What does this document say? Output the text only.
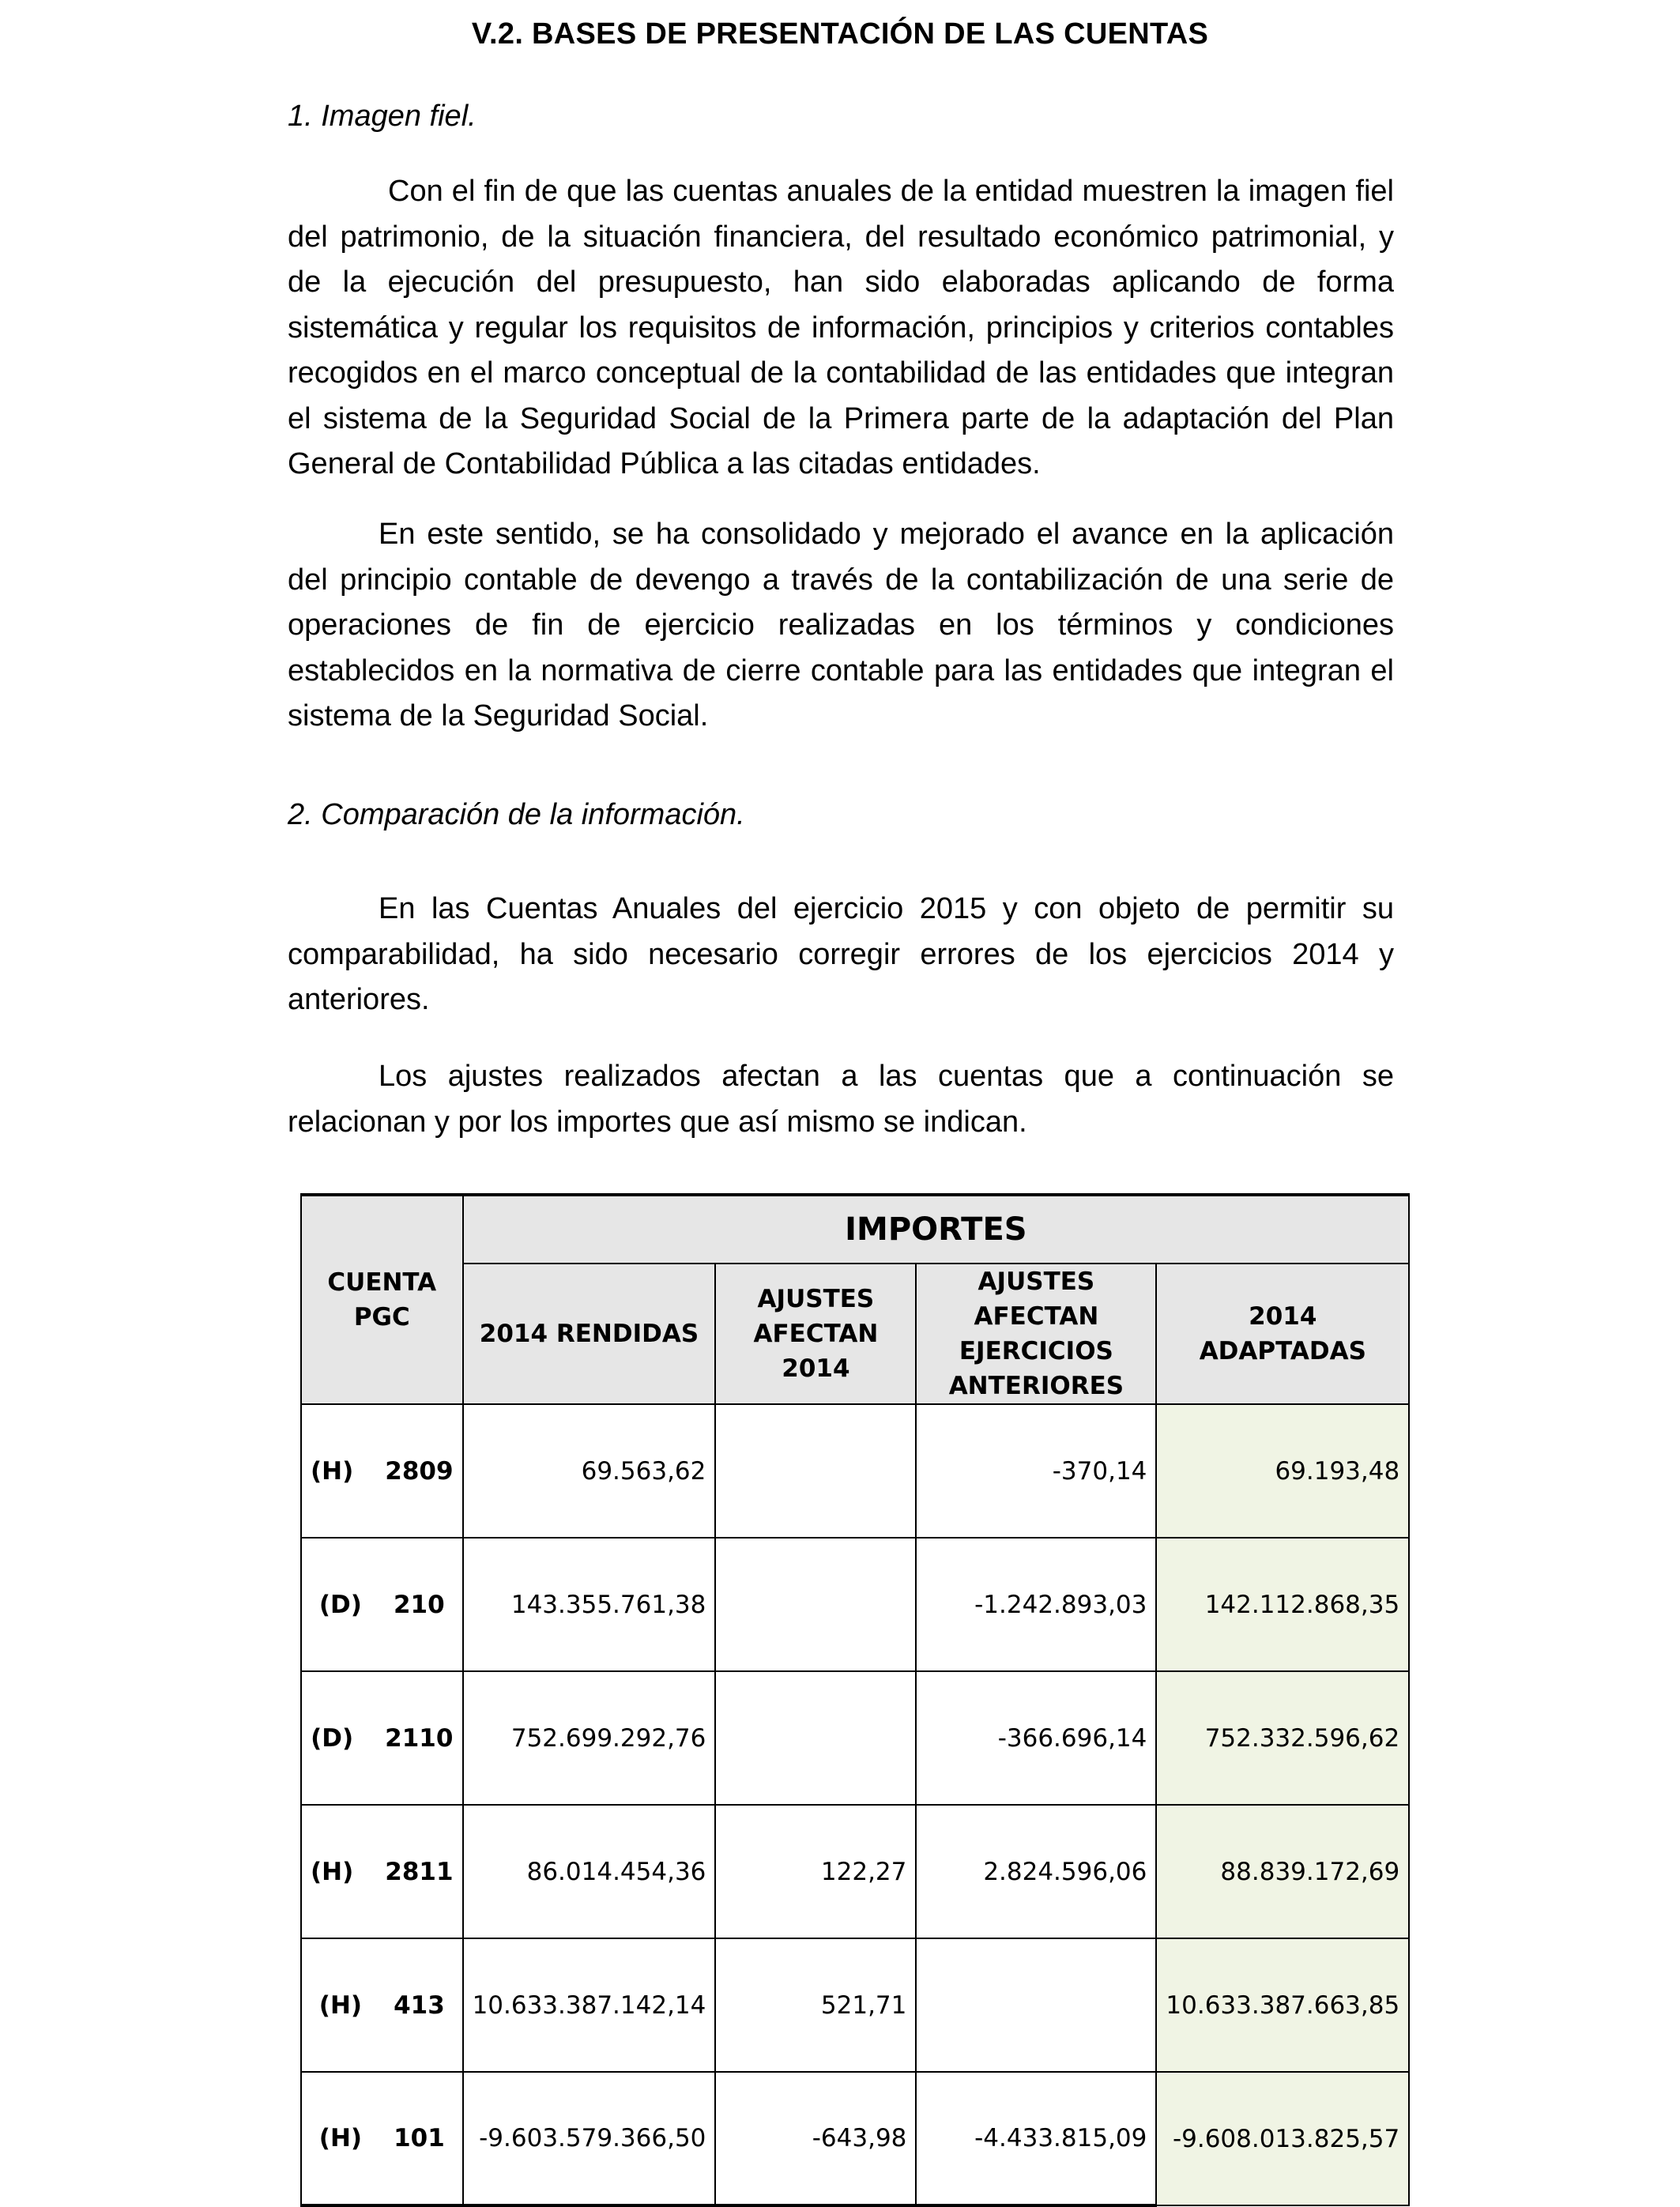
V.2. BASES DE PRESENTACIÓN DE LAS CUENTAS
1. Imagen fiel.

Con el fin de que las cuentas anuales de la entidad muestren la imagen fiel del patrimonio, de la situación financiera, del resultado económico patrimonial, y de la ejecución del presupuesto, han sido elaboradas aplicando de forma sistemática y regular los requisitos de información, principios y criterios contables recogidos en el marco conceptual de la contabilidad de las entidades que integran el sistema de la Seguridad Social de la Primera parte de la adaptación del Plan General de Contabilidad Pública a las citadas entidades.

En este sentido, se ha consolidado y mejorado el avance en la aplicación del principio contable de devengo a través de la contabilización de una serie de operaciones de fin de ejercicio realizadas en los términos y condiciones establecidos en la normativa de cierre contable para las entidades que integran el sistema de la Seguridad Social.

2. Comparación de la información.

En las Cuentas Anuales del ejercicio 2015 y con objeto de permitir su comparabilidad, ha sido necesario corregir errores de los ejercicios 2014 y anteriores.

Los ajustes realizados afectan a las cuentas que a continuación se relacionan y por los importes que así mismo se indican.

CUENTA PGC	IMPORTES			
	2014 RENDIDAS	AJUSTES AFECTAN 2014	AJUSTES AFECTAN EJERCICIOS ANTERIORES	2014 ADAPTADAS
(H) 2809	69.563,62		-370,14	69.193,48
(D) 210	143.355.761,38		-1.242.893,03	142.112.868,35
(D) 2110	752.699.292,76		-366.696,14	752.332.596,62
(H) 2811	86.014.454,36	122,27	2.824.596,06	88.839.172,69
(H) 413	10.633.387.142,14	521,71		10.633.387.663,85
(H) 101	-9.603.579.366,50	-643,98	-4.433.815,09	-9.608.013.825,57
